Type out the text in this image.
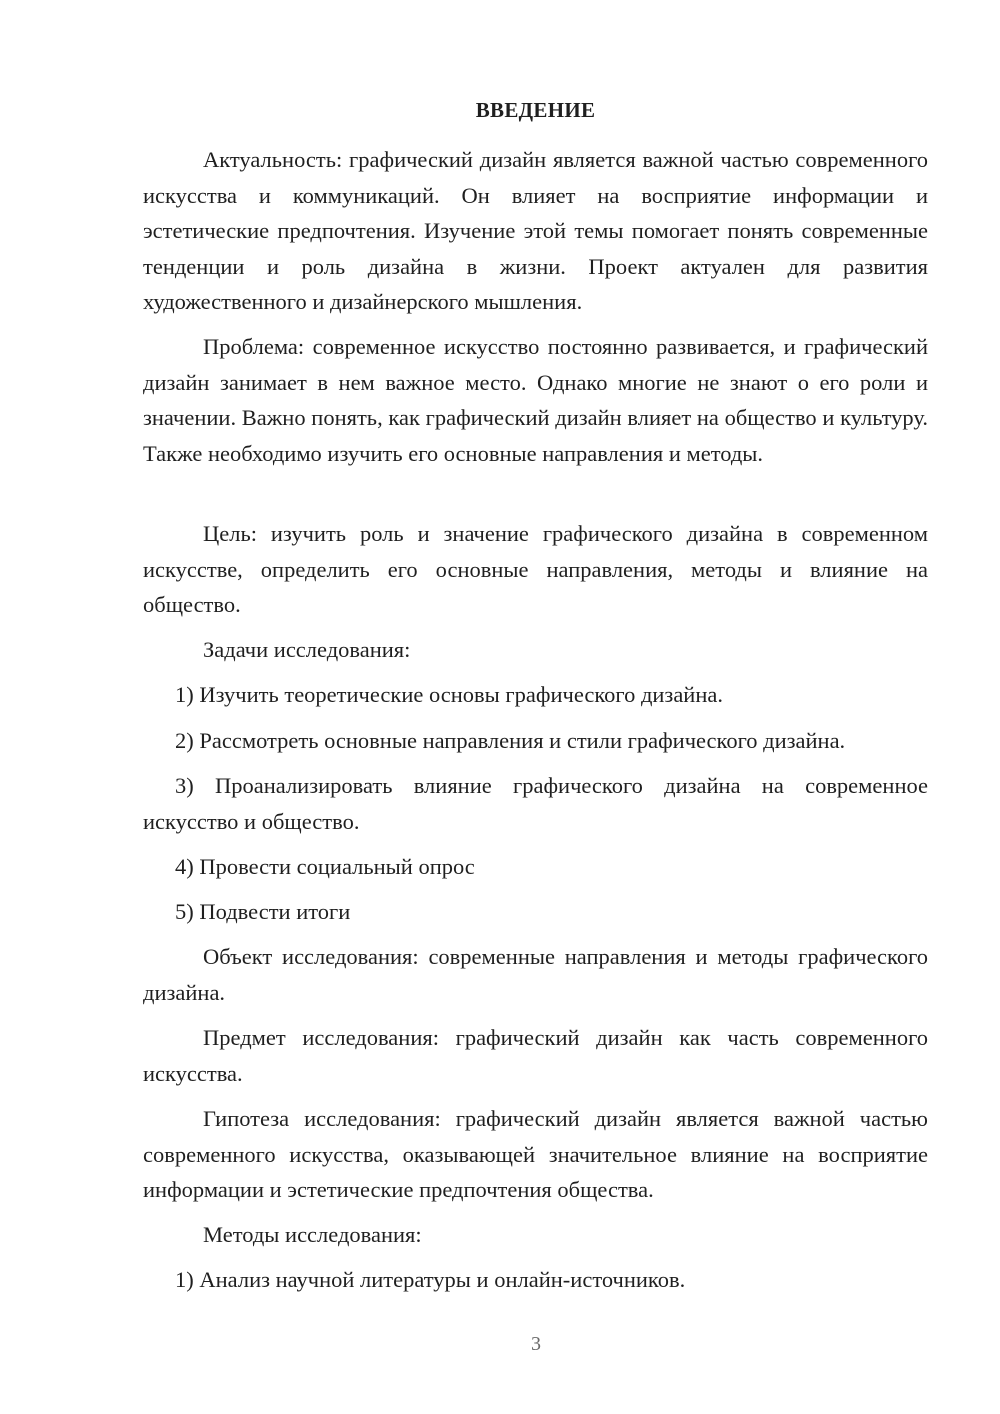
ВВЕДЕНИЕ

Актуальность: графический дизайн является важной частью современного искусства и коммуникаций. Он влияет на восприятие информации и эстетические предпочтения. Изучение этой темы помогает понять современные тенденции и роль дизайна в жизни. Проект актуален для развития художественного и дизайнерского мышления.

Проблема: современное искусство постоянно развивается, и графический дизайн занимает в нем важное место. Однако многие не знают о его роли и значении. Важно понять, как графический дизайн влияет на общество и культуру. Также необходимо изучить его основные направления и методы.

Цель: изучить роль и значение графического дизайна в современном искусстве, определить его основные направления, методы и влияние на общество.

Задачи исследования:

1) Изучить теоретические основы графического дизайна.

2) Рассмотреть основные направления и стили графического дизайна.

3) Проанализировать влияние графического дизайна на современное искусство и общество.

4) Провести социальный опрос

5) Подвести итоги

Объект исследования: современные направления и методы графического дизайна.

Предмет исследования: графический дизайн как часть современного искусства.

Гипотеза исследования: графический дизайн является важной частью современного искусства, оказывающей значительное влияние на восприятие информации и эстетические предпочтения общества.

Методы исследования:

1) Анализ научной литературы и онлайн-источников.

3
